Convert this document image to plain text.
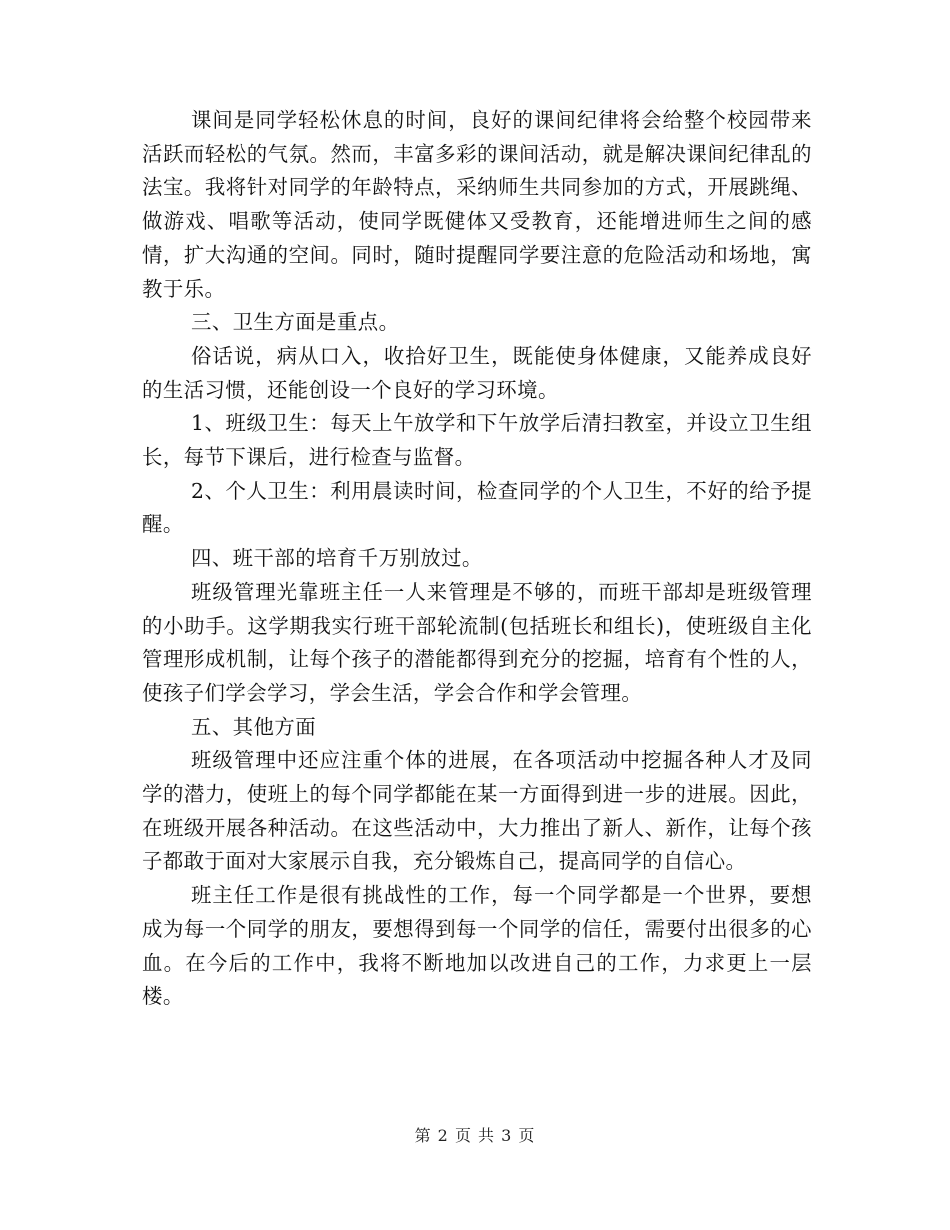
课间是同学轻松休息的时间，良好的课间纪律将会给整个校园带来活跃而轻松的气氛。然而，丰富多彩的课间活动，就是解决课间纪律乱的法宝。我将针对同学的年龄特点，采纳师生共同参加的方式，开展跳绳、做游戏、唱歌等活动，使同学既健体又受教育，还能增进师生之间的感情，扩大沟通的空间。同时，随时提醒同学要注意的危险活动和场地，寓教于乐。

三、卫生方面是重点。

俗话说，病从口入，收拾好卫生，既能使身体健康，又能养成良好的生活习惯，还能创设一个良好的学习环境。

1、班级卫生：每天上午放学和下午放学后清扫教室，并设立卫生组长，每节下课后，进行检查与监督。

2、个人卫生：利用晨读时间，检查同学的个人卫生，不好的给予提醒。

四、班干部的培育千万别放过。

班级管理光靠班主任一人来管理是不够的，而班干部却是班级管理的小助手。这学期我实行班干部轮流制(包括班长和组长)，使班级自主化管理形成机制，让每个孩子的潜能都得到充分的挖掘，培育有个性的人，使孩子们学会学习，学会生活，学会合作和学会管理。

五、其他方面

班级管理中还应注重个体的进展，在各项活动中挖掘各种人才及同学的潜力，使班上的每个同学都能在某一方面得到进一步的进展。因此，在班级开展各种活动。在这些活动中，大力推出了新人、新作，让每个孩子都敢于面对大家展示自我，充分锻炼自己，提高同学的自信心。

班主任工作是很有挑战性的工作，每一个同学都是一个世界，要想成为每一个同学的朋友，要想得到每一个同学的信任，需要付出很多的心血。在今后的工作中，我将不断地加以改进自己的工作，力求更上一层楼。

第 2 页 共 3 页
